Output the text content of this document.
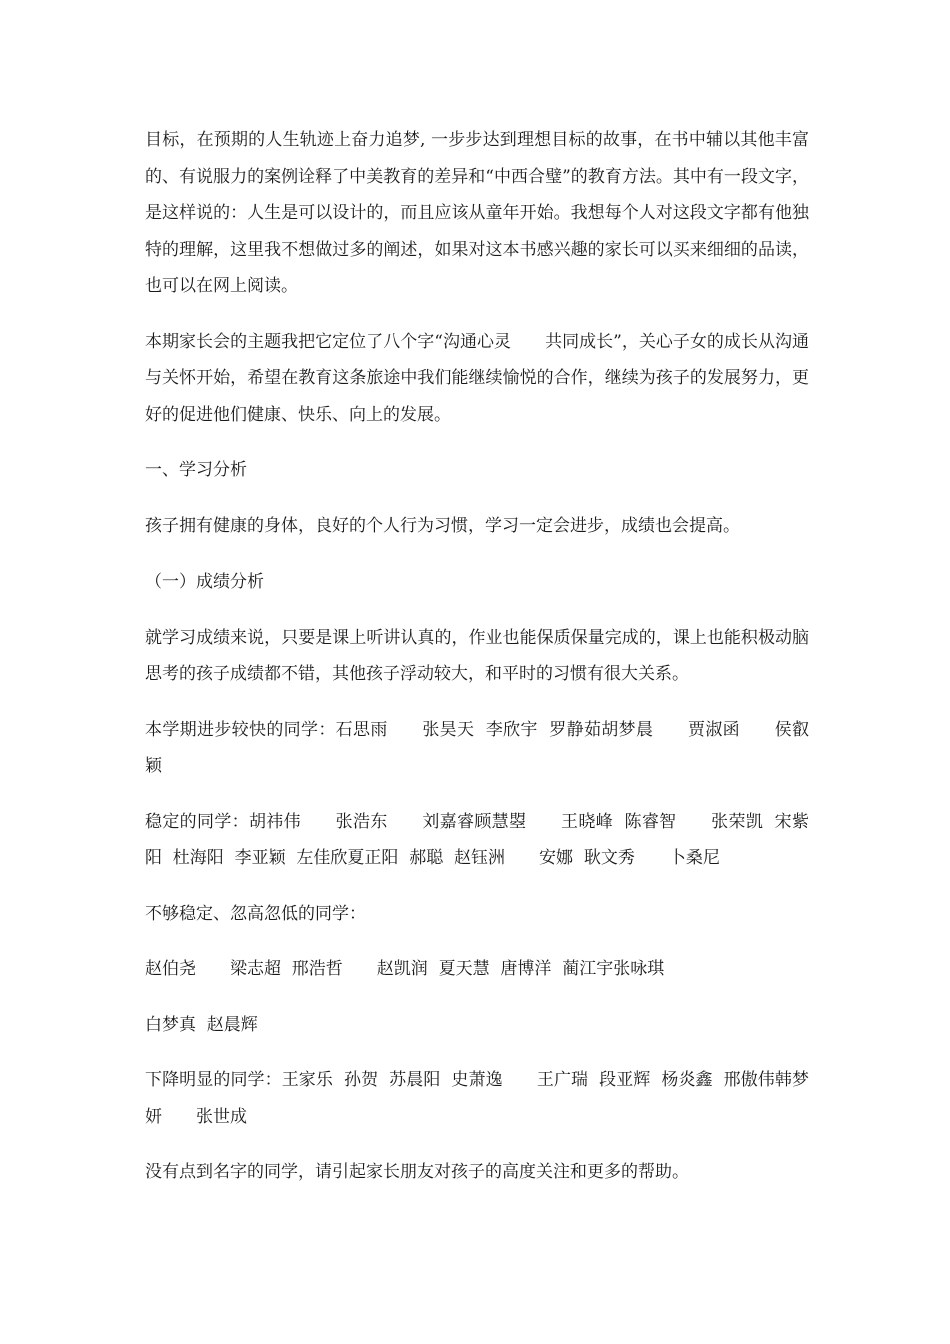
目标，在预期的人生轨迹上奋力追梦, 一步步达到理想目标的故事，在书中辅以其他丰富的、有说服力的案例诠释了中美教育的差异和“中西合璧”的教育方法。其中有一段文字，是这样说的：人生是可以设计的，而且应该从童年开始。我想每个人对这段文字都有他独特的理解，这里我不想做过多的阐述，如果对这本书感兴趣的家长可以买来细细的品读，也可以在网上阅读。

本期家长会的主题我把它定位了八个字“沟通心灵　　共同成长”，关心子女的成长从沟通与关怀开始，希望在教育这条旅途中我们能继续愉悦的合作，继续为孩子的发展努力，更好的促进他们健康、快乐、向上的发展。

一、学习分析

孩子拥有健康的身体，良好的个人行为习惯，学习一定会进步，成绩也会提高。

（一）成绩分析

就学习成绩来说，只要是课上听讲认真的，作业也能保质保量完成的，课上也能积极动脑思考的孩子成绩都不错，其他孩子浮动较大，和平时的习惯有很大关系。

本学期进步较快的同学：石思雨　　张昊天  李欣宇  罗静茹胡梦晨　　贾淑函　　侯叡颖

稳定的同学：胡祎伟　　张浩东　　刘嘉睿顾慧曌　　王晓峰  陈睿智　　张荣凯  宋紫阳  杜海阳  李亚颖  左佳欣夏正阳  郝聪  赵钰洲　　安娜  耿文秀　　卜桑尼

不够稳定、忽高忽低的同学：

赵伯尧　　梁志超  邢浩哲　　赵凯润  夏天慧  唐博洋  蔺江宇张咏琪

白梦真  赵晨辉

下降明显的同学：王家乐  孙贺  苏晨阳  史萧逸　　王广瑞  段亚辉  杨炎鑫  邢傲伟韩梦妍　　张世成

没有点到名字的同学，请引起家长朋友对孩子的高度关注和更多的帮助。
